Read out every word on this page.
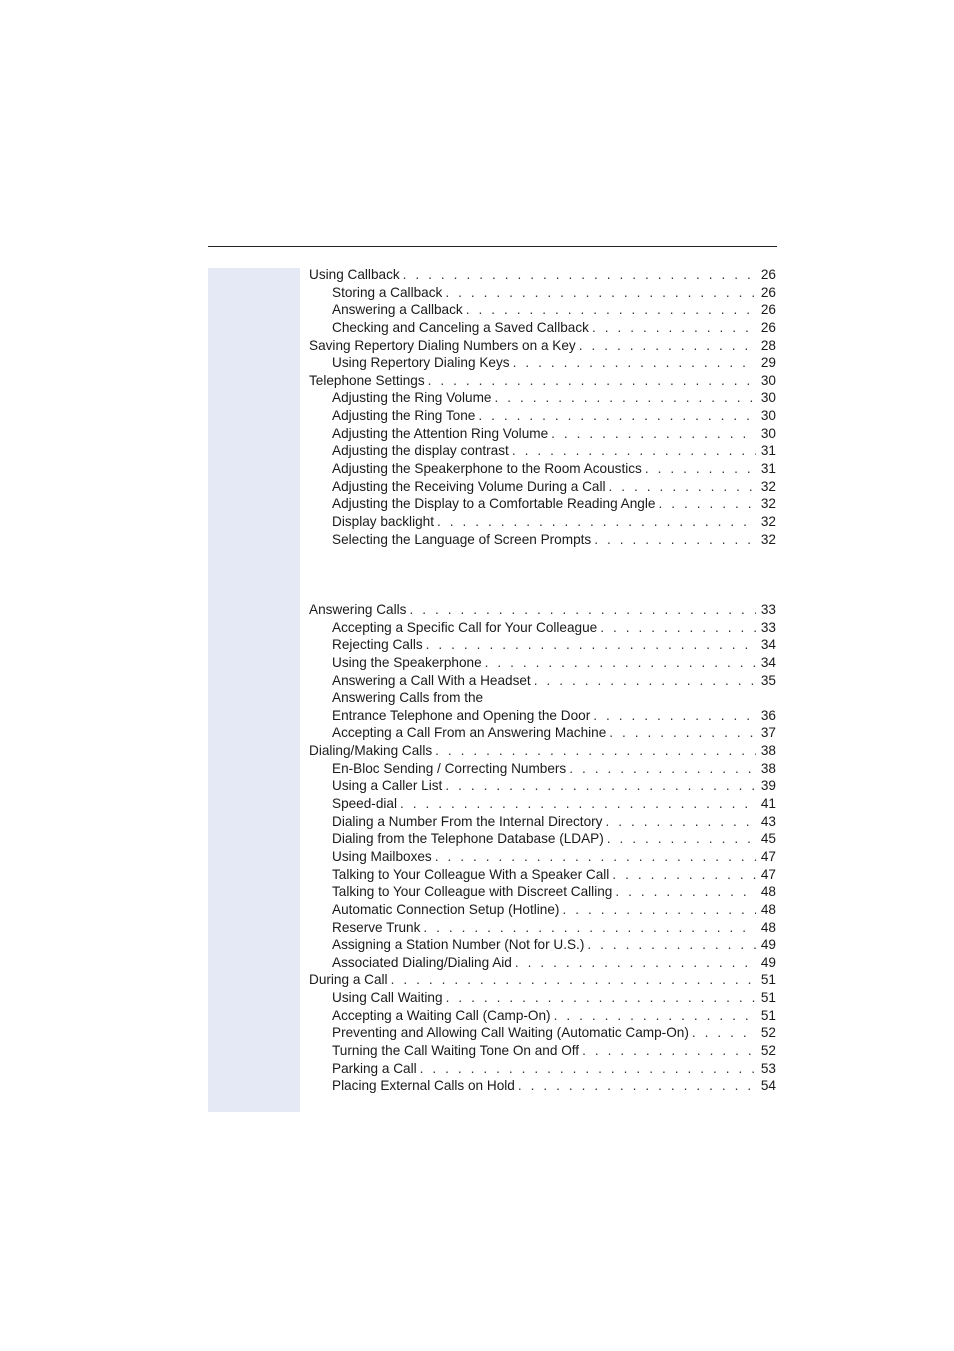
Using Callback . . .	26
Storing a Callback . . .	26
Answering a Callback . . .	26
Checking and Canceling a Saved Callback . . .	26
Saving Repertory Dialing Numbers on a Key . . .	28
Using Repertory Dialing Keys . . .	29
Telephone Settings . . .	30
Adjusting the Ring Volume . . .	30
Adjusting the Ring Tone . . .	30
Adjusting the Attention Ring Volume . . .	30
Adjusting the display contrast . . .	31
Adjusting the Speakerphone to the Room Acoustics . . .	31
Adjusting the Receiving Volume During a Call . . .	32
Adjusting the Display to a Comfortable Reading Angle . . .	32
Display backlight . . .	32
Selecting the Language of Screen Prompts . . .	32
Answering Calls . . .	33
Accepting a Specific Call for Your Colleague . . .	33
Rejecting Calls . . .	34
Using the Speakerphone . . .	34
Answering a Call With a Headset . . .	35
Answering Calls from the
Entrance Telephone and Opening the Door . . .	36
Accepting a Call From an Answering Machine . . .	37
Dialing/Making Calls . . .	38
En-Bloc Sending / Correcting Numbers . . .	38
Using a Caller List . . .	39
Speed-dial . . .	41
Dialing a Number From the Internal Directory . . .	43
Dialing from the Telephone Database (LDAP) . . .	45
Using Mailboxes . . .	47
Talking to Your Colleague With a Speaker Call . . .	47
Talking to Your Colleague with Discreet Calling . . .	48
Automatic Connection Setup (Hotline) . . .	48
Reserve Trunk . . .	48
Assigning a Station Number (Not for U.S.) . . .	49
Associated Dialing/Dialing Aid . . .	49
During a Call . . .	51
Using Call Waiting . . .	51
Accepting a Waiting Call (Camp-On) . . .	51
Preventing and Allowing Call Waiting (Automatic Camp-On) . . .	52
Turning the Call Waiting Tone On and Off . . .	52
Parking a Call . . .	53
Placing External Calls on Hold . . .	54
